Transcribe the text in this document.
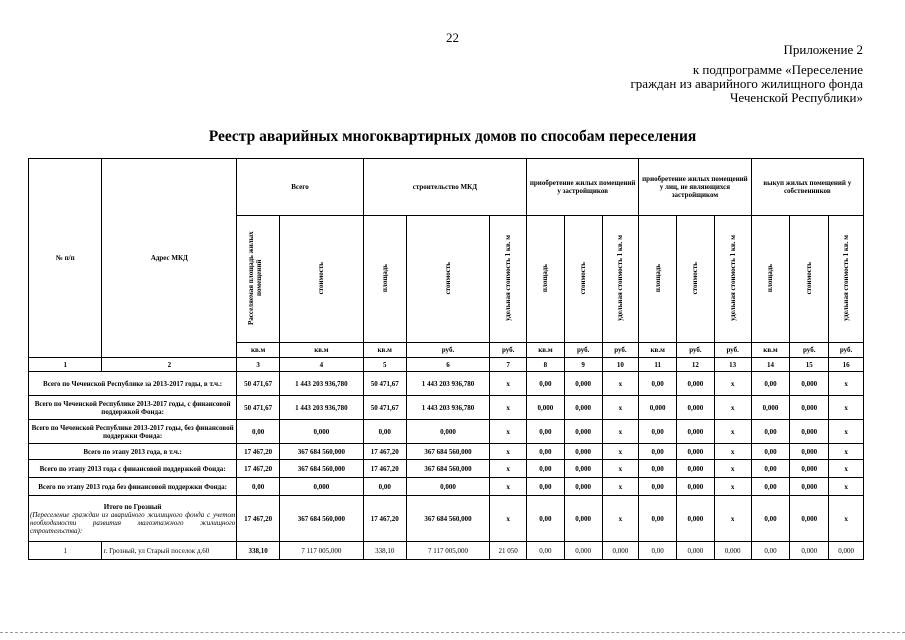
22
Приложение 2
к подпрограмме «Переселение
граждан из аварийного жилищного фонда
Чеченской Республики»
Реестр аварийных многоквартирных домов по способам переселения
№ п/п	Адрес МКД	Всего		строительство МКД			приобретение жилых помещений у застройщиков			приобретение жилых помещений у лиц, не являющихся застройщиком			выкуп жилых помещений у собственников		
		Расселяемая площадь жилых помещений	стоимость	площадь	стоимость	удельная стоимость 1 кв. м	площадь	стоимость	удельная стоимость 1 кв. м	площадь	стоимость	удельная стоимость 1 кв. м	площадь	стоимость	удельная стоимость 1 кв. м
		кв.м	кв.м	кв.м	руб.	руб.	кв.м	руб.	руб.	кв.м	руб.	руб.	кв.м	руб.	руб.
1	2	3	4	5	6	7	8	9	10	11	12	13	14	15	16
Всего по Чеченской Республике за 2013-2017 годы, в т.ч.:		50 471,67	1 443 203 936,780	50 471,67	1 443 203 936,780	x	0,00	0,000	x	0,00	0,000	x	0,00	0,000	x
Всего по Чеченской Республике 2013-2017 годы, с финансовой поддержкой Фонда:		50 471,67	1 443 203 936,780	50 471,67	1 443 203 936,780	x	0,000	0,000	x	0,000	0,000	x	0,000	0,000	x
Всего по Чеченской Республике 2013-2017 годы, без финансовой поддержки Фонда:		0,00	0,000	0,00	0,000	x	0,00	0,000	x	0,00	0,000	x	0,00	0,000	x
Всего по этапу 2013 года, в т.ч.:		17 467,20	367 684 560,000	17 467,20	367 684 560,000	x	0,00	0,000	x	0,00	0,000	x	0,00	0,000	x
Всего по этапу 2013 года с финансовой поддержкой Фонда:		17 467,20	367 684 560,000	17 467,20	367 684 560,000	x	0,00	0,000	x	0,00	0,000	x	0,00	0,000	x
Всего по этапу 2013 года без финансовой поддержки Фонда:		0,00	0,000	0,00	0,000	x	0,00	0,000	x	0,00	0,000	x	0,00	0,000	x

Итого по Грозный
(Переселение граждан из аварийного жилищного фонда с учетом необходимости развития малоэтажного жилищного строительства):		17 467,20	367 684 560,000	17 467,20	367 684 560,000	x	0,00	0,000	x	0,00	0,000	x	0,00	0,000	x
1	г. Грозный, ул Старый поселок д.60	338,10	7 117 005,000	338,10	7 117 005,000	21 050	0,00	0,000	0,000	0,00	0,000	0,000	0,00	0,000	0,000
